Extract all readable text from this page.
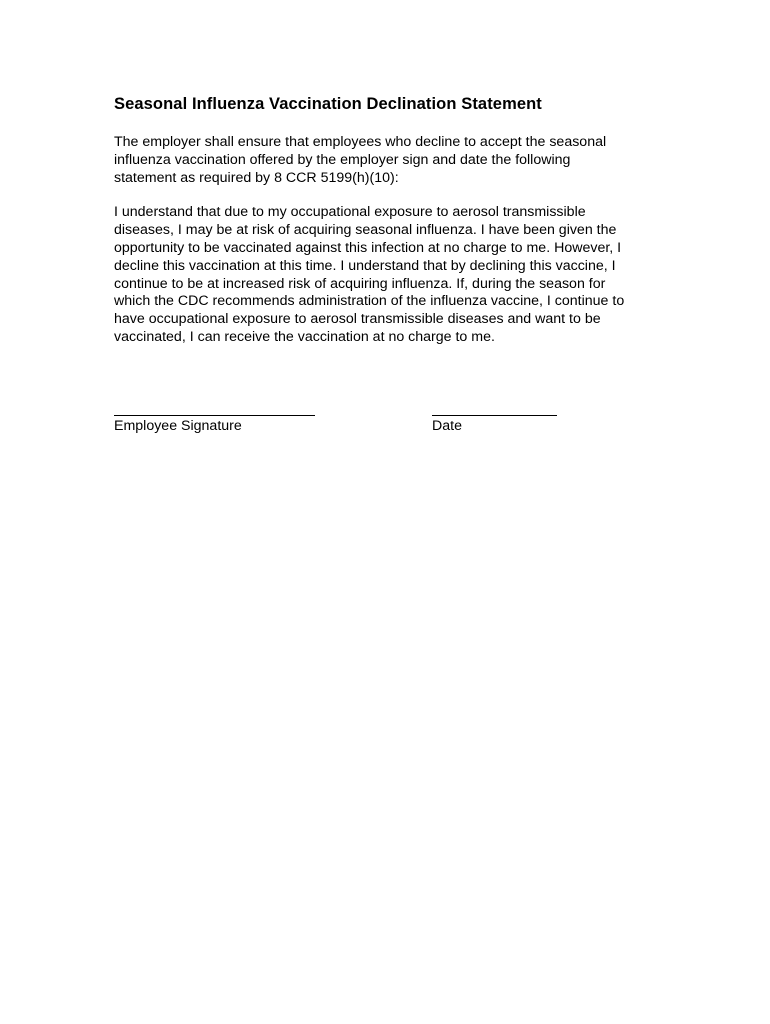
Seasonal Influenza Vaccination Declination Statement

The employer shall ensure that employees who decline to accept the seasonal
influenza vaccination offered by the employer sign and date the following
statement as required by 8 CCR 5199(h)(10):

I understand that due to my occupational exposure to aerosol transmissible
diseases, I may be at risk of acquiring seasonal influenza. I have been given the
opportunity to be vaccinated against this infection at no charge to me. However, I
decline this vaccination at this time. I understand that by declining this vaccine, I
continue to be at increased risk of acquiring influenza. If, during the season for
which the CDC recommends administration of the influenza vaccine, I continue to
have occupational exposure to aerosol transmissible diseases and want to be
vaccinated, I can receive the vaccination at no charge to me.

Employee Signature	Date
